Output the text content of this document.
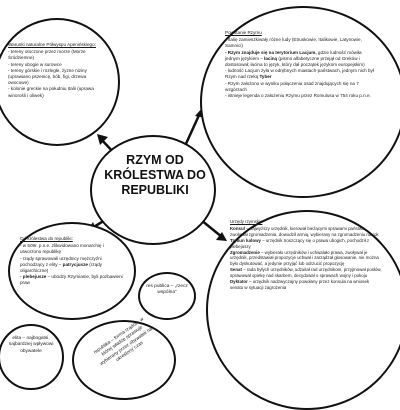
Warunki naturalne Półwyspu Apenińskiego:
- tereny otoczone przez morze (Morze Śródziemne)
- tereny ubogie w surowce
- tereny górskie i rozległe, żyzne niziny (uprawiano pszenicę, bób, figi, drzewa owocowe)
- kolonie greckie na południu Italii (uprawa winorośli i oliwek)
Powstanie Rzymu
- Italię zamieszkiwały różne ludy (Etruskowie, Italikowie, Latynowie, Samnici)
- Rzym znajduje się na terytorium Lacjum, gdzie ludność mówiła jednym językiem – łaciną (pismo alfabetyczne przejął od Greków i dostosował; łacina to język, który dał początek językom europejskim)
- ludność Lacjum żyła w odrębnych miastach-państwach, jednym nich był Rzym nad rzeką Tyber
- Rzym założono w wyniku połączenia osad znajdujących się na 7 wzgórzach
- istnieje legenda o założeniu Rzymu przez Romulusa w 754 roku p.n.e.
Od królestwa do republiki:
- w 509r. p.n.e. zlikwidowano monarchię i utworzono republikę
- rządy sprawowali urzędnicy mężczyźni pochodzący z elity – patrycjusze (rządy oligarchiczne)
- plebejusze – ubodzy Rzymianie, byli pozbawieni praw
RZYM OD KRÓLESTWA DO REPUBLIKI
Urzędy rzymskie
Konsul – najwyższy urzędnik, kierował bieżącymi sprawami państwa, zwoływał zgromadzenia, dowodził armią, wybierany na zgromadzeniu na rok
Trybun ludowy – urzędnik troszczący się o prawa ubogich, pochodził z plebejuszy
Zgromadzenie – wybierało urzędników i uchwalało prawa, zwoływał je urzędnik, przedstawiał propozycje uchwał i zarządzał głosowanie, nie można było dyskutować, a jedynie przyjąć lub odrzucić propozycję
Senat – rada byłych urzędników, udzielał rad urzędnikom, przyjmował posłów, sprawował opiekę nad skarbem, decydował o sprawach wojny i pokoju
Dyktator – urzędnik nadzwyczajny powołany przez konsula na wniosek senatu w sytuacji zagrożenia
res publica – „rzecz wspólna”
elita – najbogatsi, najbardziej wpływowi obywatele	republika – forma rządów, w której władzę sprawuje wybierany przez obywateli na określony czas
